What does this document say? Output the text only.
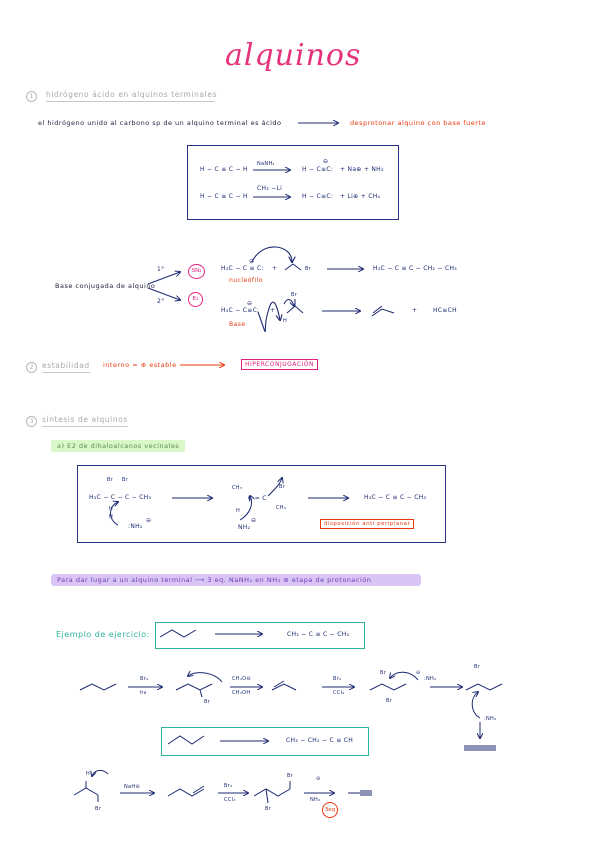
alquinos
1	hidrógeno ácido en alquinos terminales
el hidrógeno unido al carbono sp de un alquino terminal es ácido	desprotonar alquino con base fuerte
H − C ≡ C − H
NaNH₂
H − C≡C:
⊖
+ Na⊕ + NH₃
H − C ≡ C − H
CH₃ −Li
H − C≡C: + Li⊕ + CH₄
Base conjugada de alquino
1°
2°
SN₂
E₂
H₃C − C ≡ C:
⊖
+	Br
nucleófilo
H₃C − C ≡ C − CH₂ − CH₃
H₃C − C≡C:
⊖
+
Br
H
Base
+	HC≡CH
2	estabilidad interno = ⊕ estable	HIPERCONJUGACIÓN
3	síntesis de alquinos
a) E2 de dihaloalcanos vecinales
Br Br
H₃C − C − C − CH₃
H
H
:NH₂
⊖
CH₃	Br
C = C
H	CH₃
NH₂
⊖
H₃C − C ≡ C − CH₃
disposición anti periplanar
Para dar lugar a un alquino terminal ⟶ 3 eq. NaNH₂ en NH₃ ⊕ etapa de protonación
Ejemplo de ejercicio:	CH₃ − C ≡ C − CH₃
Br₂
hν
CH₃O⊖
CH₃OH
Br
Br₂
CCl₄
:NH₂
⊖
Br
Br
:NH₂
Br
CH₃ − CH₂ − C ≡ CH
H
Br
NaH⊖	Br₂
CCl₄
Br
Br
⊖
NH₂
3eq
